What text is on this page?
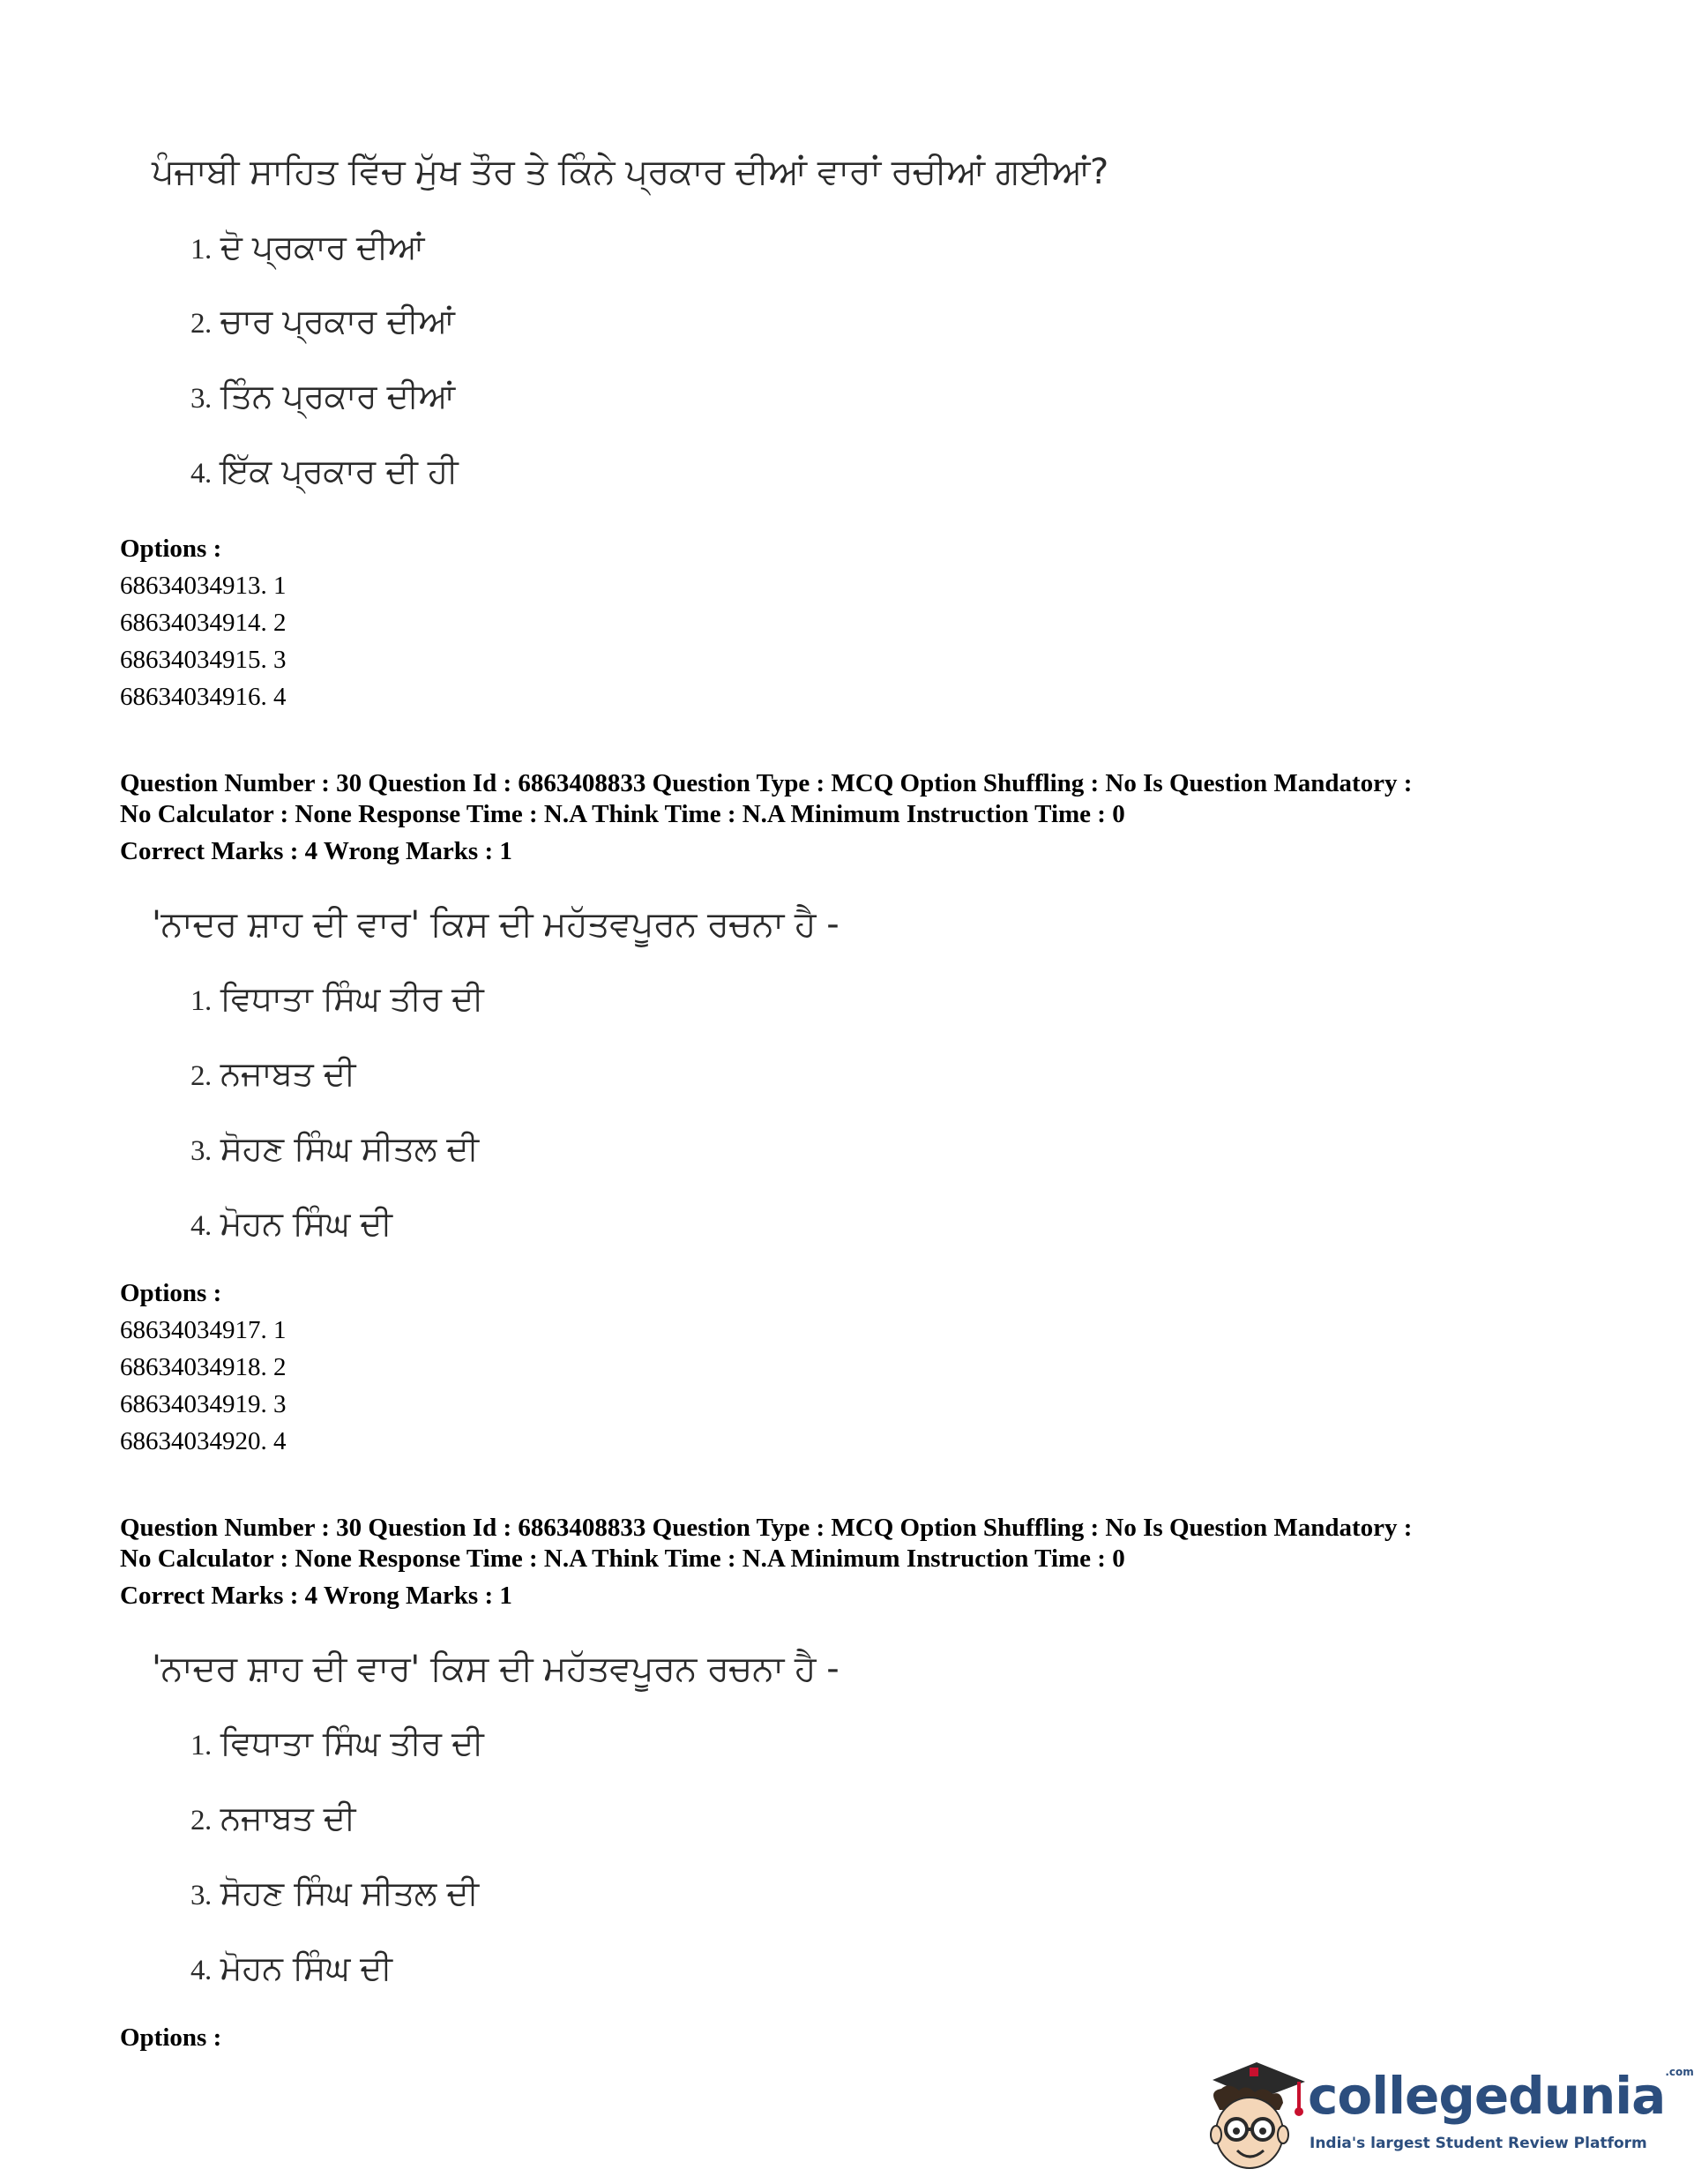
ਪੰਜਾਬੀ ਸਾਹਿਤ ਵਿੱਚ ਮੁੱਖ ਤੌਰ ਤੇ ਕਿੰਨੇ ਪ੍ਰਕਾਰ ਦੀਆਂ ਵਾਰਾਂ ਰਚੀਆਂ ਗਈਆਂ?
1. ਦੋ ਪ੍ਰਕਾਰ ਦੀਆਂ
2. ਚਾਰ ਪ੍ਰਕਾਰ ਦੀਆਂ
3. ਤਿੰਨ ਪ੍ਰਕਾਰ ਦੀਆਂ
4. ਇੱਕ ਪ੍ਰਕਾਰ ਦੀ ਹੀ
Options :
68634034913. 1
68634034914. 2
68634034915. 3
68634034916. 4
Question Number : 30 Question Id : 6863408833 Question Type : MCQ Option Shuffling : No Is Question Mandatory :
No Calculator : None Response Time : N.A Think Time : N.A Minimum Instruction Time : 0
Correct Marks : 4 Wrong Marks : 1
'ਨਾਦਰ ਸ਼ਾਹ ਦੀ ਵਾਰ' ਕਿਸ ਦੀ ਮਹੱਤਵਪੂਰਨ ਰਚਨਾ ਹੈ -
1. ਵਿਧਾਤਾ ਸਿੰਘ ਤੀਰ ਦੀ
2. ਨਜਾਬਤ ਦੀ
3. ਸੋਹਣ ਸਿੰਘ ਸੀਤਲ ਦੀ
4. ਮੋਹਨ ਸਿੰਘ ਦੀ
Options :
68634034917. 1
68634034918. 2
68634034919. 3
68634034920. 4
Question Number : 30 Question Id : 6863408833 Question Type : MCQ Option Shuffling : No Is Question Mandatory :
No Calculator : None Response Time : N.A Think Time : N.A Minimum Instruction Time : 0
Correct Marks : 4 Wrong Marks : 1
'ਨਾਦਰ ਸ਼ਾਹ ਦੀ ਵਾਰ' ਕਿਸ ਦੀ ਮਹੱਤਵਪੂਰਨ ਰਚਨਾ ਹੈ -
1. ਵਿਧਾਤਾ ਸਿੰਘ ਤੀਰ ਦੀ
2. ਨਜਾਬਤ ਦੀ
3. ਸੋਹਣ ਸਿੰਘ ਸੀਤਲ ਦੀ
4. ਮੋਹਨ ਸਿੰਘ ਦੀ
Options :
collegedunia$^{.com}$
India's largest Student Review Platform
